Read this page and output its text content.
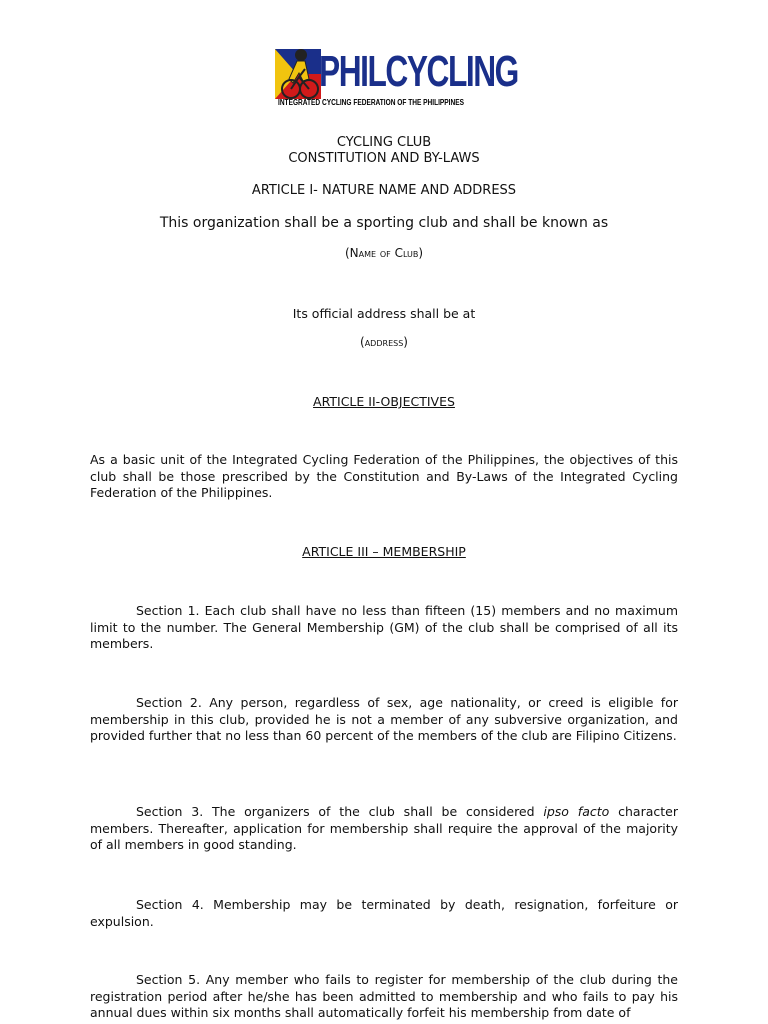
PHILCYCLING
INTEGRATED CYCLING FEDERATION OF THE PHILIPPINES
CYCLING CLUB
CONSTITUTION AND BY-LAWS
ARTICLE I- NATURE NAME AND ADDRESS
This organization shall be a sporting club and shall be known as
(Name of Club)
Its official address shall be at
(address)
ARTICLE II-OBJECTIVES
As a basic unit of the Integrated Cycling Federation of the Philippines, the objectives of this club shall be those prescribed by the Constitution and By-Laws of the Integrated Cycling Federation of the Philippines.
ARTICLE III – MEMBERSHIP
Section 1. Each club shall have no less than fifteen (15) members and no maximum limit to the number. The General Membership (GM) of the club shall be comprised of all its members.
Section 2. Any person, regardless of sex, age nationality, or creed is eligible for membership in this club, provided he is not a member of any subversive organization, and provided further that no less than 60 percent of the members of the club are Filipino Citizens.
Section 3. The organizers of the club shall be considered ipso facto character members. Thereafter, application for membership shall require the approval of the majority of all members in good standing.
Section 4. Membership may be terminated by death, resignation, forfeiture or expulsion.
Section 5. Any member who fails to register for membership of the club during the registration period after he/she has been admitted to membership and who fails to pay his annual dues within six months shall automatically forfeit his membership from date of
